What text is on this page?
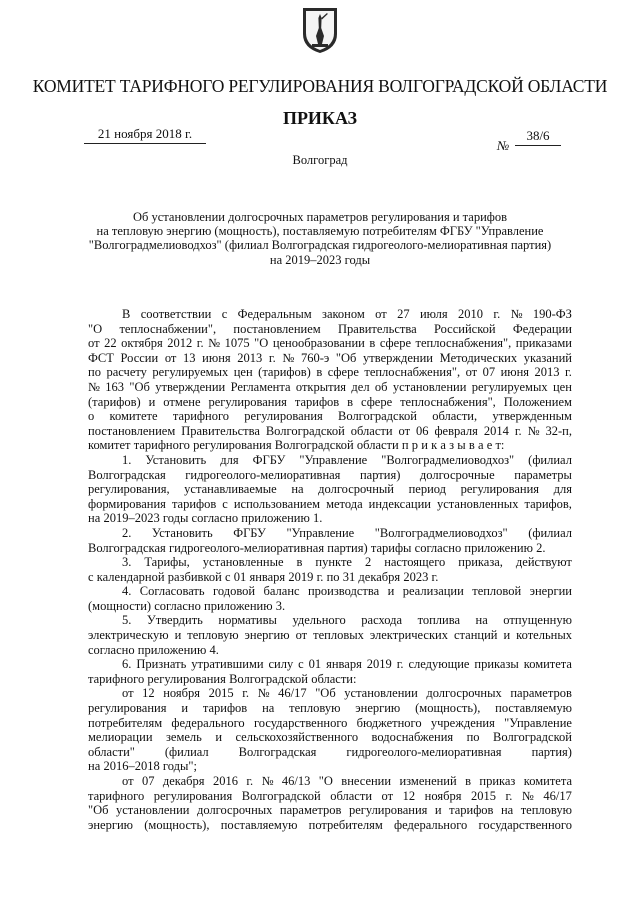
КОМИТЕТ ТАРИФНОГО РЕГУЛИРОВАНИЯ ВОЛГОГРАДСКОЙ ОБЛАСТИ
ПРИКАЗ
21 ноября 2018 г.
№
38/6
Волгоград
Об установлении долгосрочных параметров регулирования и тарифов
на тепловую энергию (мощность), поставляемую потребителям ФГБУ "Управление
"Волгоградмелиоводхоз" (филиал Волгоградская гидрогеолого-мелиоративная партия)
на 2019–2023 годы
В соответствии с Федеральным законом от 27 июля 2010 г. № 190-ФЗ
"О теплоснабжении", постановлением Правительства Российской Федерации
от 22 октября 2012 г. № 1075 "О ценообразовании в сфере теплоснабжения", приказами
ФСТ России от 13 июня 2013 г. № 760-э "Об утверждении Методических указаний
по расчету регулируемых цен (тарифов) в сфере теплоснабжения", от 07 июня 2013 г.
№ 163 "Об утверждении Регламента открытия дел об установлении регулируемых цен
(тарифов) и отмене регулирования тарифов в сфере теплоснабжения", Положением
о комитете тарифного регулирования Волгоградской области, утвержденным
постановлением Правительства Волгоградской области от 06 февраля 2014 г. № 32-п,
комитет тарифного регулирования Волгоградской области п р и к а з ы в а е т:
1. Установить для ФГБУ "Управление "Волгоградмелиоводхоз" (филиал
Волгоградская гидрогеолого-мелиоративная партия) долгосрочные параметры
регулирования, устанавливаемые на долгосрочный период регулирования для
формирования тарифов с использованием метода индексации установленных тарифов,
на 2019–2023 годы согласно приложению 1.
2. Установить ФГБУ "Управление "Волгоградмелиоводхоз" (филиал
Волгоградская гидрогеолого-мелиоративная партия) тарифы согласно приложению 2.
3. Тарифы, установленные в пункте 2 настоящего приказа, действуют
с календарной разбивкой с 01 января 2019 г. по 31 декабря 2023 г.
4. Согласовать годовой баланс производства и реализации тепловой энергии
(мощности) согласно приложению 3.
5. Утвердить нормативы удельного расхода топлива на отпущенную
электрическую и тепловую энергию от тепловых электрических станций и котельных
согласно приложению 4.
6. Признать утратившими силу с 01 января 2019 г. следующие приказы комитета
тарифного регулирования Волгоградской области:
от 12 ноября 2015 г. № 46/17 "Об установлении долгосрочных параметров
регулирования и тарифов на тепловую энергию (мощность), поставляемую
потребителям федерального государственного бюджетного учреждения "Управление
мелиорации земель и сельскохозяйственного водоснабжения по Волгоградской
области" (филиал Волгоградская гидрогеолого-мелиоративная партия)
на 2016–2018 годы";
от 07 декабря 2016 г. № 46/13 "О внесении изменений в приказ комитета
тарифного регулирования Волгоградской области от 12 ноября 2015 г. № 46/17
"Об установлении долгосрочных параметров регулирования и тарифов на тепловую
энергию (мощность), поставляемую потребителям федерального государственного
